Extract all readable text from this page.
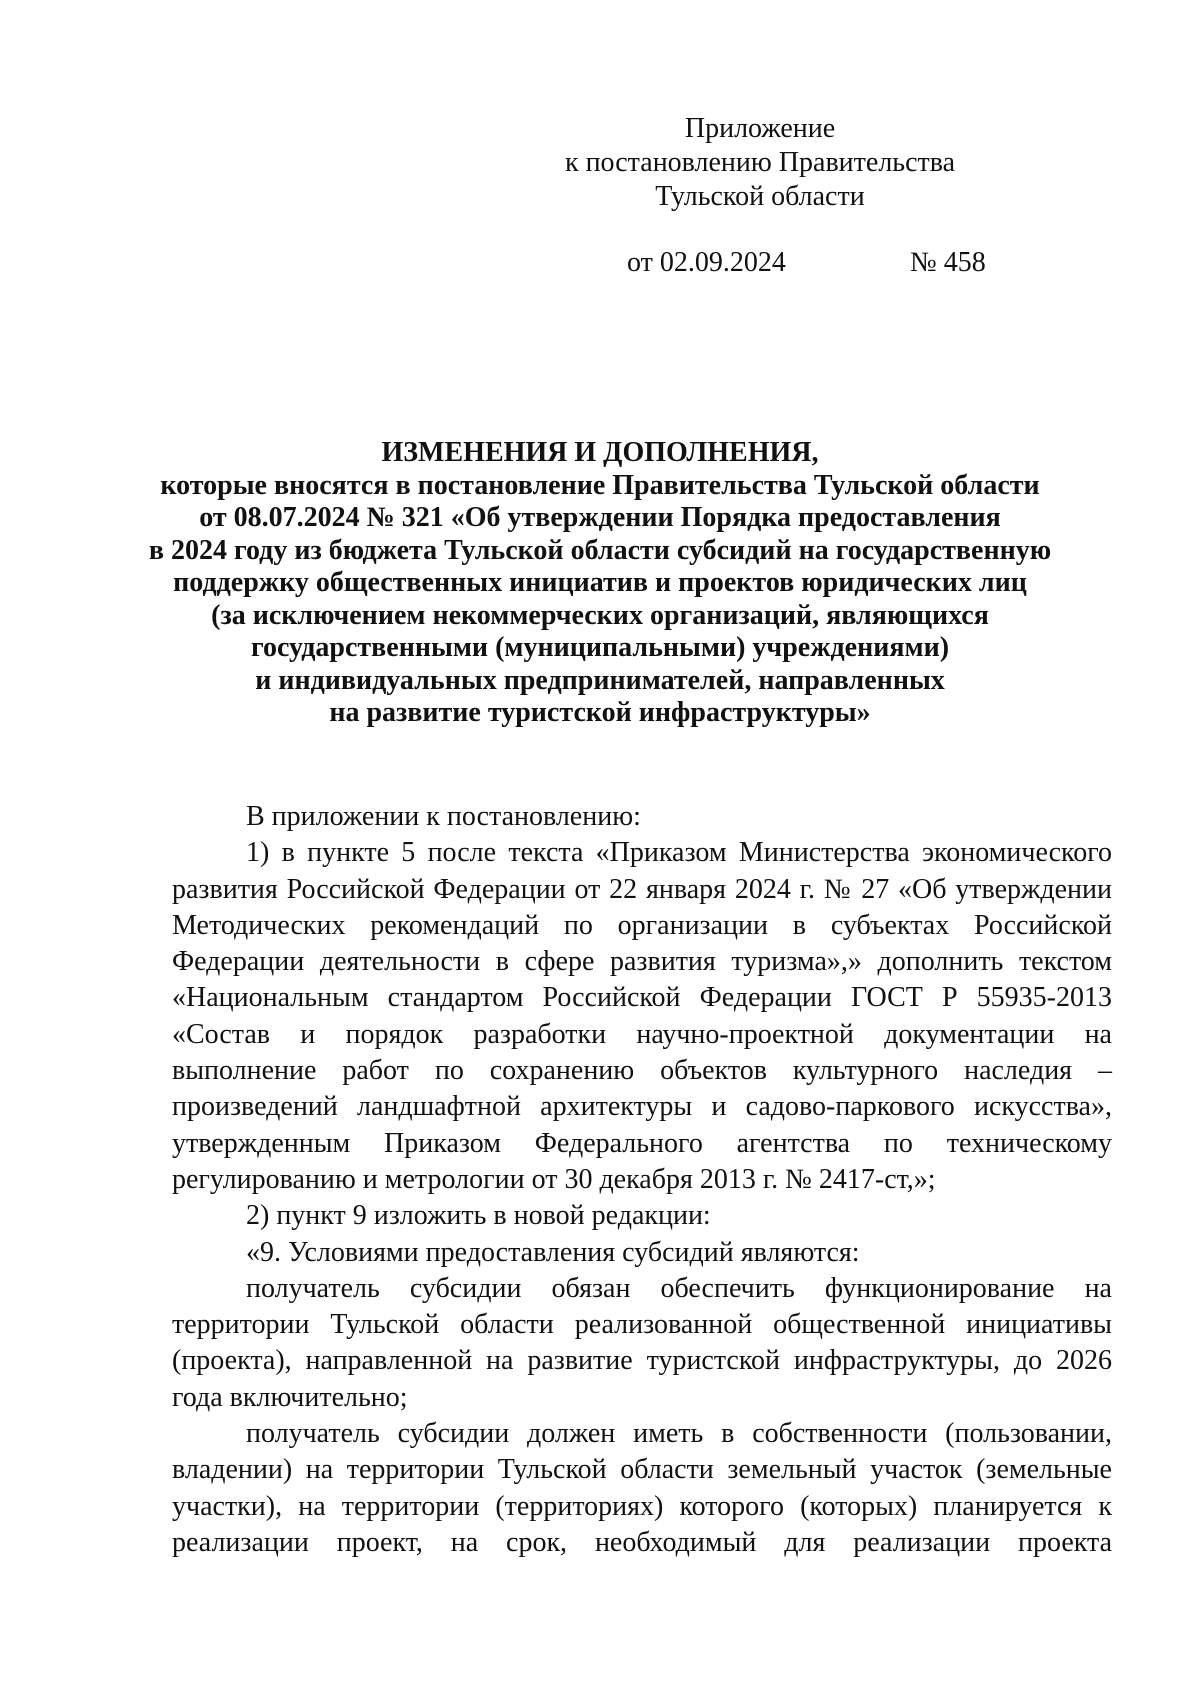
Приложение
к постановлению Правительства
Тульской области
от 02.09.2024	№ 458
ИЗМЕНЕНИЯ И ДОПОЛНЕНИЯ,
которые вносятся в постановление Правительства Тульской области
от 08.07.2024 № 321 «Об утверждении Порядка предоставления
в 2024 году из бюджета Тульской области субсидий на государственную
поддержку общественных инициатив и проектов юридических лиц
(за исключением некоммерческих организаций, являющихся
государственными (муниципальными) учреждениями)
и индивидуальных предпринимателей, направленных
на развитие туристской инфраструктуры»

В приложении к постановлению:

1) в пункте 5 после текста «Приказом Министерства экономического развития Российской Федерации от 22 января 2024 г. № 27 «Об утверждении Методических рекомендаций по организации в субъектах Российской Федерации деятельности в сфере развития туризма»,» дополнить текстом «Национальным стандартом Российской Федерации ГОСТ Р 55935-2013 «Состав и порядок разработки научно-проектной документации на выполнение работ по сохранению объектов культурного наследия – произведений ландшафтной архитектуры и садово-паркового искусства», утвержденным Приказом Федерального агентства по техническому регулированию и метрологии от 30 декабря 2013 г. № 2417-ст,»;

2) пункт 9 изложить в новой редакции:

«9. Условиями предоставления субсидий являются:

получатель субсидии обязан обеспечить функционирование на территории Тульской области реализованной общественной инициативы (проекта), направленной на развитие туристской инфраструктуры, до 2026 года включительно;

получатель субсидии должен иметь в собственности (пользовании, владении) на территории Тульской области земельный участок (земельные участки), на территории (территориях) которого (которых) планируется к реализации проект, на срок, необходимый для реализации проекта
